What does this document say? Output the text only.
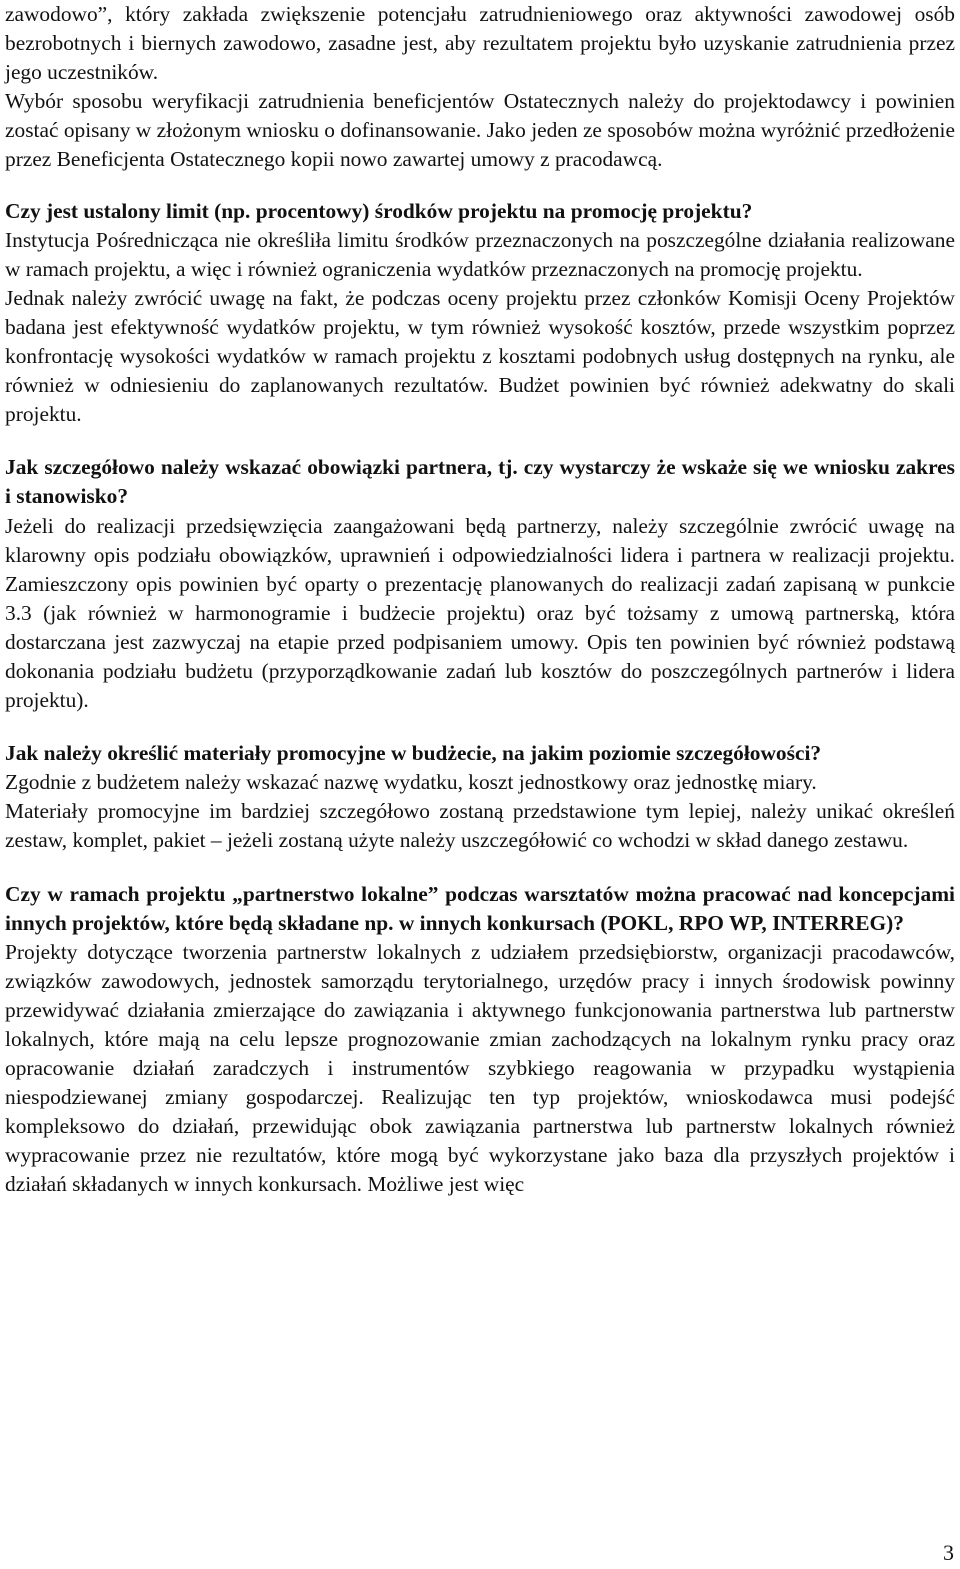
zawodowo”, który zakłada zwiększenie potencjału zatrudnieniowego oraz aktywności zawodowej osób bezrobotnych i biernych zawodowo, zasadne jest, aby rezultatem projektu było uzyskanie zatrudnienia przez jego uczestników.

Wybór sposobu weryfikacji zatrudnienia beneficjentów Ostatecznych należy do projektodawcy i powinien zostać opisany w złożonym wniosku o dofinansowanie. Jako jeden ze sposobów można wyróżnić przedłożenie przez Beneficjenta Ostatecznego kopii nowo zawartej umowy z pracodawcą.

Czy jest ustalony limit (np. procentowy) środków projektu na promocję projektu?

Instytucja Pośrednicząca nie określiła limitu środków przeznaczonych na poszczególne działania realizowane w ramach projektu, a więc i również ograniczenia wydatków przeznaczonych na promocję projektu.

Jednak należy zwrócić uwagę na fakt, że podczas oceny projektu przez członków Komisji Oceny Projektów badana jest efektywność wydatków projektu, w tym również wysokość kosztów, przede wszystkim poprzez konfrontację wysokości wydatków w ramach projektu z kosztami podobnych usług dostępnych na rynku, ale również w odniesieniu do zaplanowanych rezultatów. Budżet powinien być również adekwatny do skali projektu.

Jak szczegółowo należy wskazać obowiązki partnera, tj. czy wystarczy że wskaże się we wniosku zakres i stanowisko?

Jeżeli do realizacji przedsięwzięcia zaangażowani będą partnerzy, należy szczególnie zwrócić uwagę na klarowny opis podziału obowiązków, uprawnień i odpowiedzialności lidera i partnera w realizacji projektu. Zamieszczony opis powinien być oparty o prezentację planowanych do realizacji zadań zapisaną w punkcie 3.3 (jak również w harmonogramie i budżecie projektu) oraz być tożsamy z umową partnerską, która dostarczana jest zazwyczaj na etapie przed podpisaniem umowy. Opis ten powinien być również podstawą dokonania podziału budżetu (przyporządkowanie zadań lub kosztów do poszczególnych partnerów i lidera projektu).

Jak należy określić materiały promocyjne w budżecie, na jakim poziomie szczegółowości?

Zgodnie z budżetem należy wskazać nazwę wydatku, koszt jednostkowy oraz jednostkę miary.

Materiały promocyjne im bardziej szczegółowo zostaną przedstawione tym lepiej, należy unikać określeń zestaw, komplet, pakiet – jeżeli zostaną użyte należy uszczegółowić co wchodzi w skład danego zestawu.

Czy w ramach projektu „partnerstwo lokalne” podczas warsztatów można pracować nad koncepcjami innych projektów, które będą składane np. w innych konkursach (POKL, RPO WP, INTERREG)?

Projekty dotyczące tworzenia partnerstw lokalnych z udziałem przedsiębiorstw, organizacji pracodawców, związków zawodowych, jednostek samorządu terytorialnego, urzędów pracy i innych środowisk powinny przewidywać działania zmierzające do zawiązania i aktywnego funkcjonowania partnerstwa lub partnerstw lokalnych, które mają na celu lepsze prognozowanie zmian zachodzących na lokalnym rynku pracy oraz opracowanie działań zaradczych i instrumentów szybkiego reagowania w przypadku wystąpienia niespodziewanej zmiany gospodarczej. Realizując ten typ projektów, wnioskodawca musi podejść kompleksowo do działań, przewidując obok zawiązania partnerstwa lub partnerstw lokalnych również wypracowanie przez nie rezultatów, które mogą być wykorzystane jako baza dla przyszłych projektów i działań składanych w innych konkursach. Możliwe jest więc

3
